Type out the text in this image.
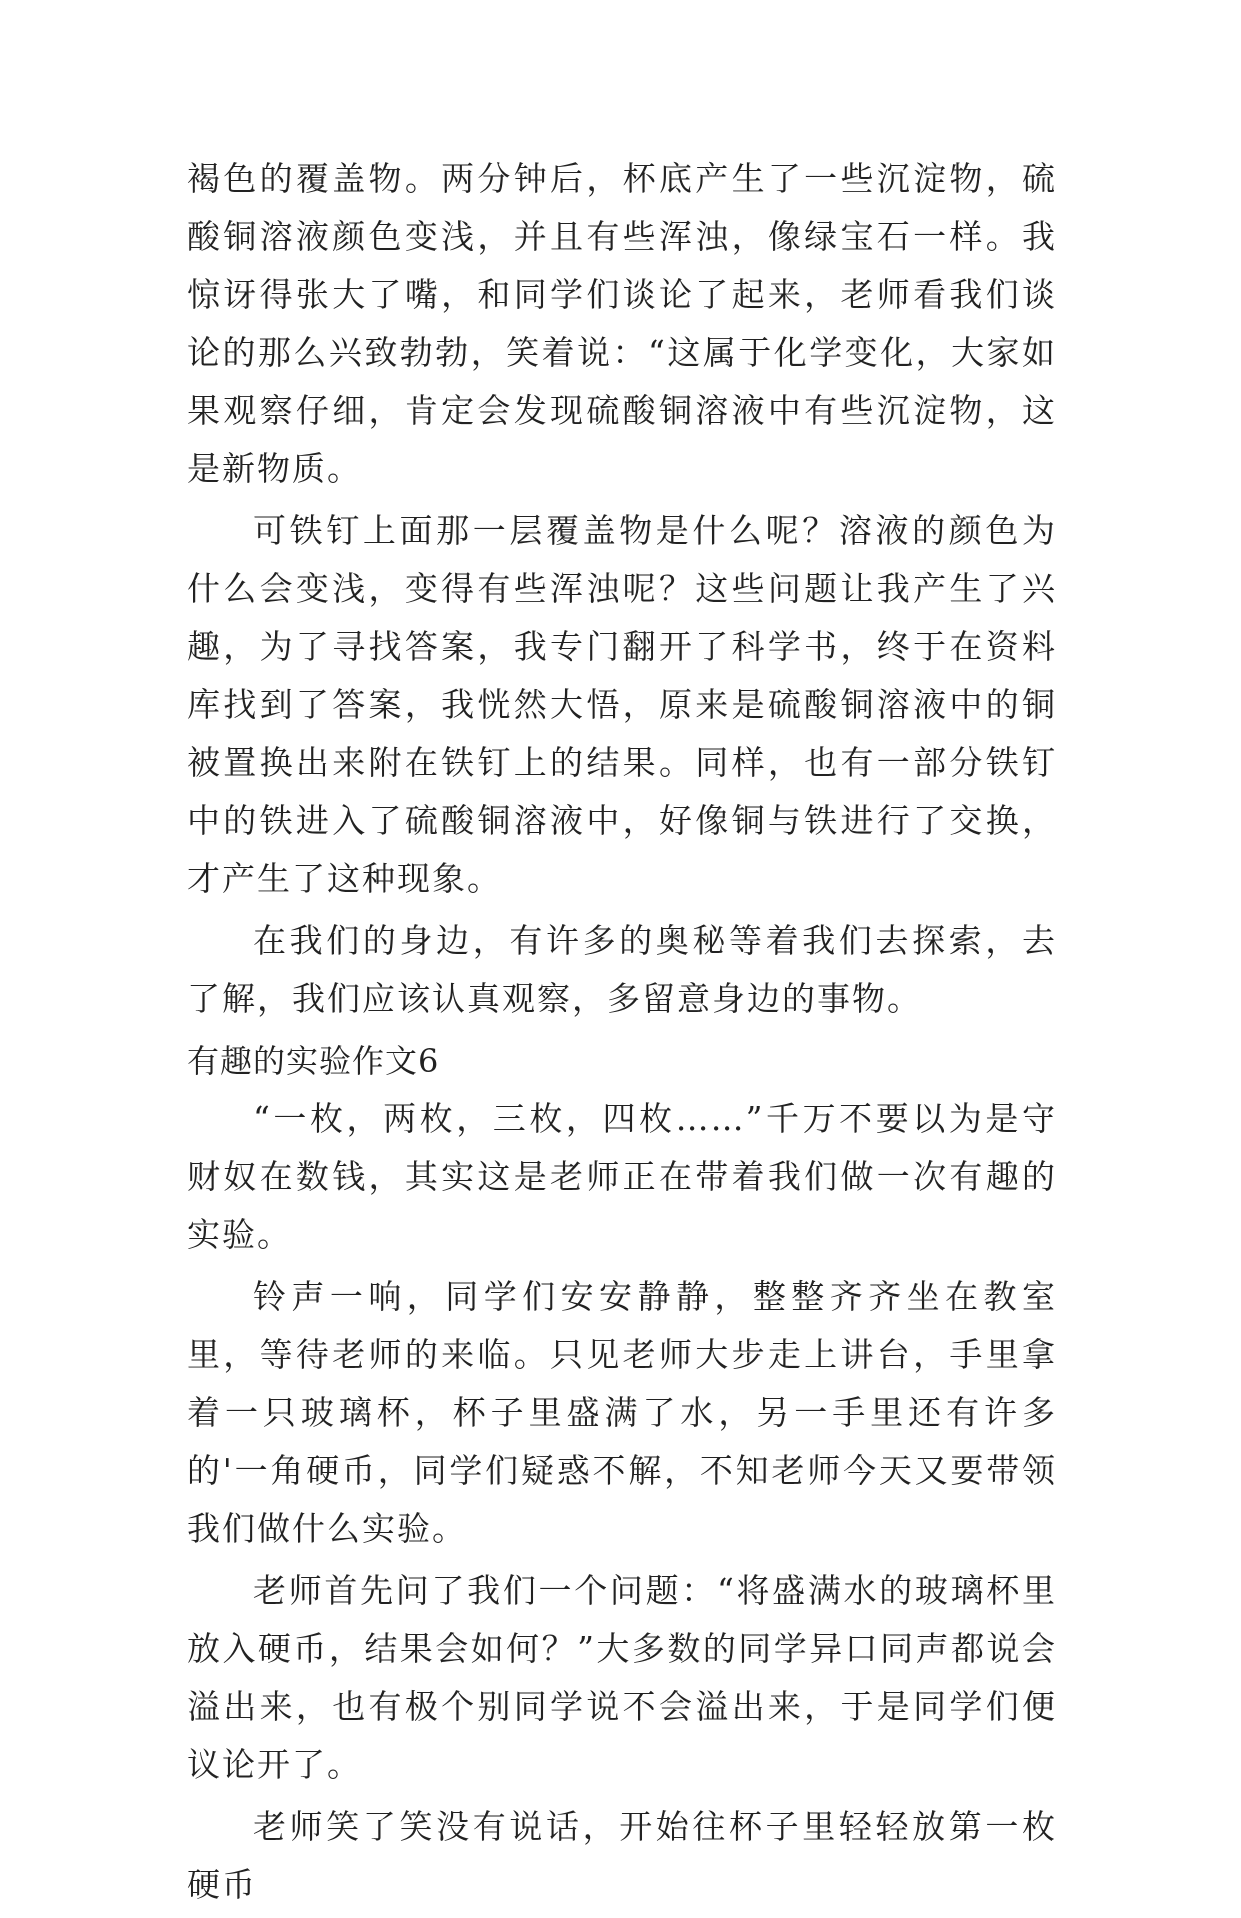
褐色的覆盖物。两分钟后，杯底产生了一些沉淀物，硫酸铜溶液颜色变浅，并且有些浑浊，像绿宝石一样。我惊讶得张大了嘴，和同学们谈论了起来，老师看我们谈论的那么兴致勃勃，笑着说：“这属于化学变化，大家如果观察仔细，肯定会发现硫酸铜溶液中有些沉淀物，这是新物质。

可铁钉上面那一层覆盖物是什么呢？溶液的颜色为什么会变浅，变得有些浑浊呢？这些问题让我产生了兴趣，为了寻找答案，我专门翻开了科学书，终于在资料库找到了答案，我恍然大悟，原来是硫酸铜溶液中的铜被置换出来附在铁钉上的结果。同样，也有一部分铁钉中的铁进入了硫酸铜溶液中，好像铜与铁进行了交换，才产生了这种现象。

在我们的身边，有许多的奥秘等着我们去探索，去了解，我们应该认真观察，多留意身边的事物。

有趣的实验作文6

“一枚，两枚，三枚，四枚……”千万不要以为是守财奴在数钱，其实这是老师正在带着我们做一次有趣的实验。

铃声一响，同学们安安静静，整整齐齐坐在教室里，等待老师的来临。只见老师大步走上讲台，手里拿着一只玻璃杯，杯子里盛满了水，另一手里还有许多的'一角硬币，同学们疑惑不解，不知老师今天又要带领我们做什么实验。

老师首先问了我们一个问题：“将盛满水的玻璃杯里放入硬币，结果会如何？”大多数的同学异口同声都说会溢出来，也有极个别同学说不会溢出来，于是同学们便议论开了。

老师笑了笑没有说话，开始往杯子里轻轻放第一枚硬币
